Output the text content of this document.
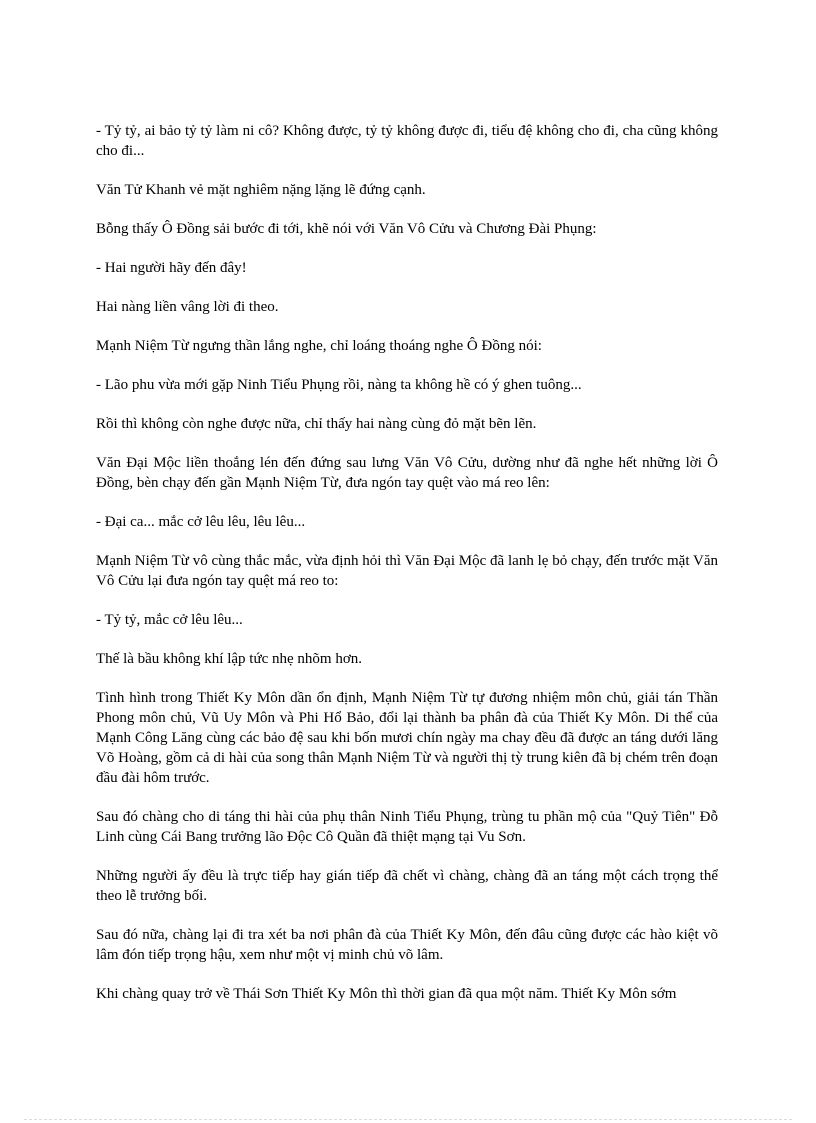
- Tỷ tỷ, ai bảo tỷ tỷ làm ni cô? Không được, tỷ tỷ không được đi, tiểu đệ không cho đi, cha cũng không cho đi...

Văn Tử Khanh vẻ mặt nghiêm nặng lặng lẽ đứng cạnh.

Bỗng thấy Ô Đồng sải bước đi tới, khẽ nói với Văn Vô Cửu và Chương Đài Phụng:

- Hai người hãy đến đây!

Hai nàng liền vâng lời đi theo.

Mạnh Niệm Từ ngưng thần lắng nghe, chỉ loáng thoáng nghe Ô Đồng nói:

- Lão phu vừa mới gặp Ninh Tiểu Phụng rồi, nàng ta không hề có ý ghen tuông...

Rồi thì không còn nghe được nữa, chỉ thấy hai nàng cùng đỏ mặt bẽn lẽn.

Văn Đại Mộc liền thoắng lén đến đứng sau lưng Văn Vô Cửu, dường như đã nghe hết những lời Ô Đồng, bèn chạy đến gần Mạnh Niệm Từ, đưa ngón tay quệt vào má reo lên:

- Đại ca... mắc cở lêu lêu, lêu lêu...

Mạnh Niệm Từ vô cùng thắc mắc, vừa định hỏi thì Văn Đại Mộc đã lanh lẹ bỏ chạy, đến trước mặt Văn Vô Cửu lại đưa ngón tay quệt má reo to:

- Tỷ tỷ, mắc cở lêu lêu...

Thế là bầu không khí lập tức nhẹ nhõm hơn.

Tình hình trong Thiết Ky Môn dần ổn định, Mạnh Niệm Từ tự đương nhiệm môn chủ, giải tán Thần Phong môn chủ, Vũ Uy Môn và Phi Hổ Bảo, đổi lại thành ba phân đà của Thiết Ky Môn. Di thể của Mạnh Công Lăng cùng các bảo đệ sau khi bốn mươi chín ngày ma chay đều đã được an táng dưới lăng Võ Hoàng, gồm cả di hài của song thân Mạnh Niệm Từ và người thị tỳ trung kiên đã bị chém trên đoạn đầu đài hôm trước.

Sau đó chàng cho di táng thi hài của phụ thân Ninh Tiểu Phụng, trùng tu phần mộ của "Quỷ Tiên" Đỗ Linh cùng Cái Bang trưởng lão Độc Cô Quần đã thiệt mạng tại Vu Sơn.

Những người ấy đều là trực tiếp hay gián tiếp đã chết vì chàng, chàng đã an táng một cách trọng thể theo lễ trưởng bối.

Sau đó nữa, chàng lại đi tra xét ba nơi phân đà của Thiết Ky Môn, đến đâu cũng được các hào kiệt võ lâm đón tiếp trọng hậu, xem như một vị minh chủ võ lâm.

Khi chàng quay trở về Thái Sơn Thiết Ky Môn thì thời gian đã qua một năm. Thiết Ky Môn sớm
